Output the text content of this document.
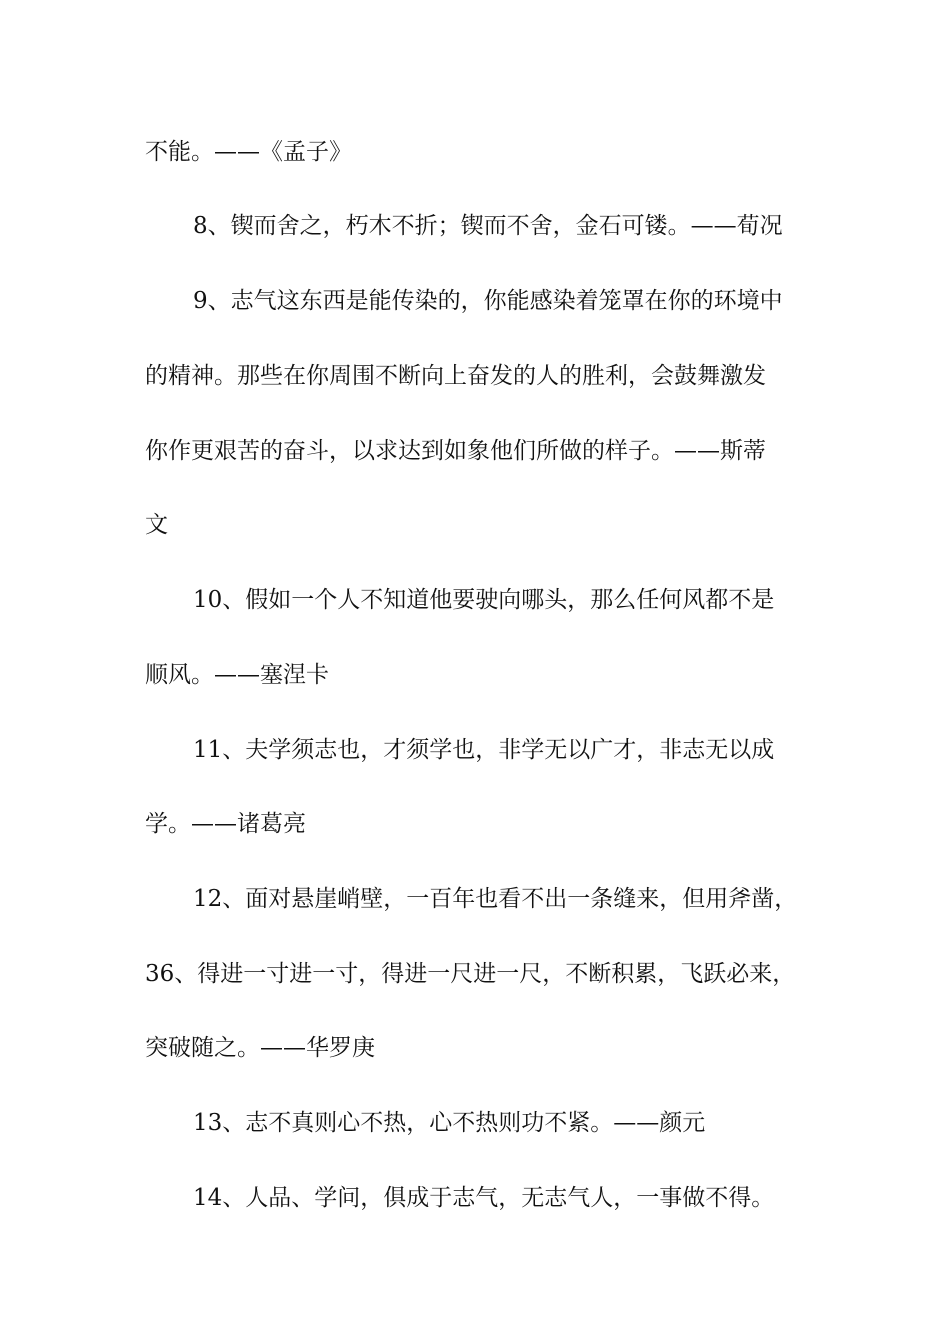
不能。——《孟子》
8、锲而舍之，朽木不折；锲而不舍，金石可镂。——荀况
9、志气这东西是能传染的，你能感染着笼罩在你的环境中
的精神。那些在你周围不断向上奋发的人的胜利，会鼓舞激发
你作更艰苦的奋斗，以求达到如象他们所做的样子。——斯蒂
文
10、假如一个人不知道他要驶向哪头，那么任何风都不是
顺风。——塞涅卡
11、夫学须志也，才须学也，非学无以广才，非志无以成
学。——诸葛亮
12、面对悬崖峭壁，一百年也看不出一条缝来，但用斧凿，
36、得进一寸进一寸，得进一尺进一尺，不断积累，飞跃必来，
突破随之。——华罗庚
13、志不真则心不热，心不热则功不紧。——颜元
14、人品、学问，俱成于志气，无志气人，一事做不得。
